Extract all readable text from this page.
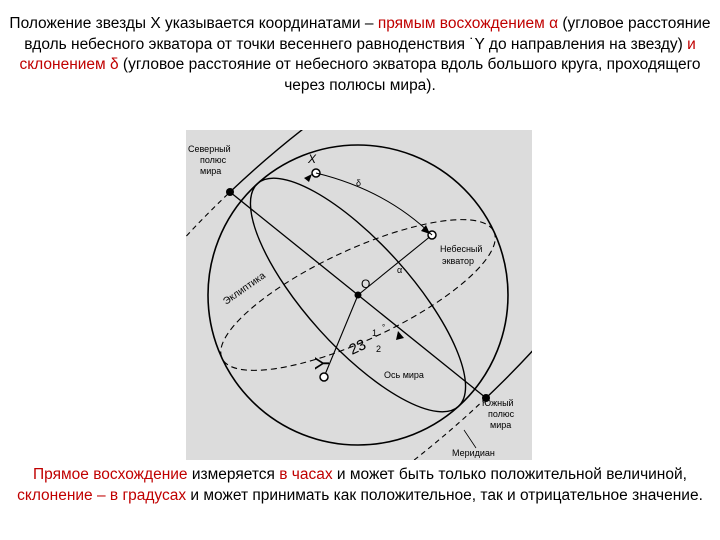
Положение звезды X указывается координатами – прямым восхождением α (угловое расстояние вдоль небесного экватора от точки весеннего равноденствия ˙Υ до направления на звезду) и склонением δ (угловое расстояние от небесного экватора вдоль большого круга, проходящего через полюсы мира).
Северный
полюс
мира
Небесный
экватор
X
δ
α
O
Эклиптика
Υ
23
1
2
°
Ось мира
Южный
полюс
мира
Меридиан
Прямое восхождение измеряется в часах и может быть только положительной величиной, склонение – в градусах и может принимать как положительное, так и отрицательное значение.
